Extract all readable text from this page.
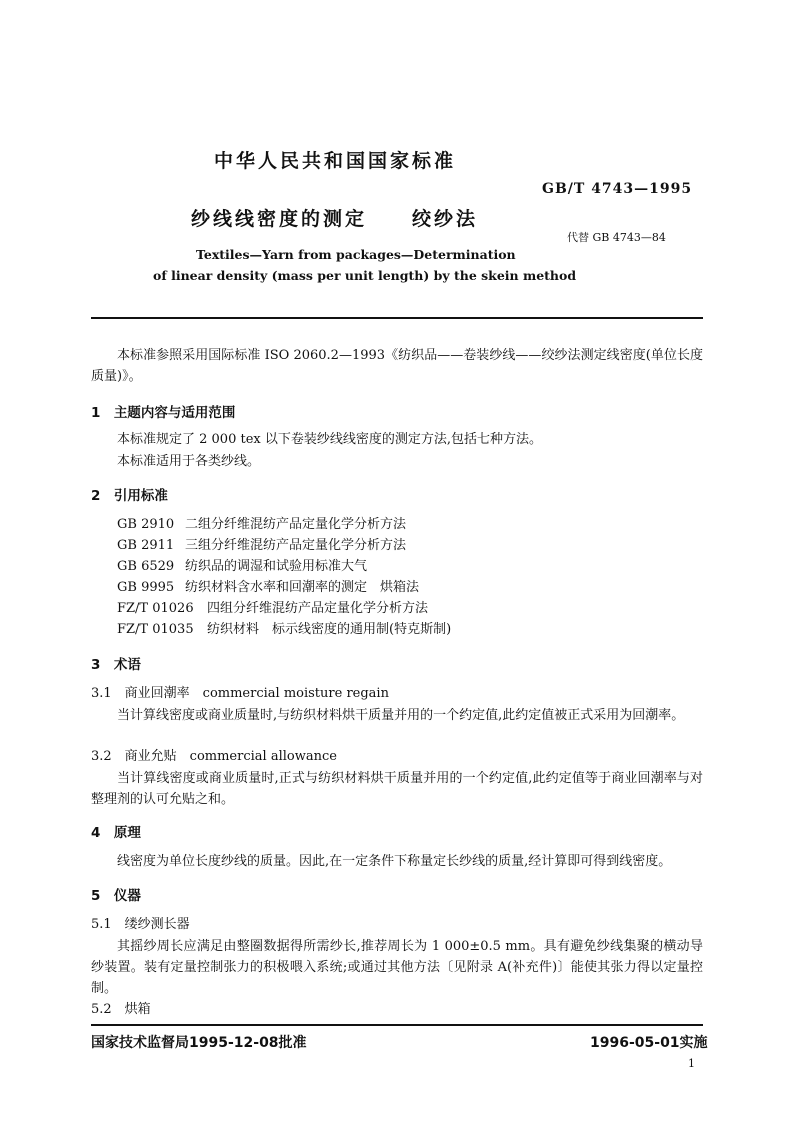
中华人民共和国国家标准
GB/T 4743—1995
纱线线密度的测定 绞纱法
代替 GB 4743—84
Textiles—Yarn from packages—Determination
of linear density (mass per unit length) by the skein method
本标准参照采用国际标准 ISO 2060.2—1993《纺织品——卷装纱线——绞纱法测定线密度(单位长度质量)》。
1　主题内容与适用范围
本标准规定了 2 000 tex 以下卷装纱线线密度的测定方法,包括七种方法。
本标准适用于各类纱线。
2　引用标准
GB 2910 二组分纤维混纺产品定量化学分析方法
GB 2911 三组分纤维混纺产品定量化学分析方法
GB 6529 纺织品的调湿和试验用标准大气
GB 9995 纺织材料含水率和回潮率的测定　烘箱法
FZ/T 01026 四组分纤维混纺产品定量化学分析方法
FZ/T 01035 纺织材料　标示线密度的通用制(特克斯制)
3　术语
3.1　商业回潮率　commercial moisture regain
当计算线密度或商业质量时,与纺织材料烘干质量并用的一个约定值,此约定值被正式采用为回潮率。
3.2　商业允贴　commercial allowance
当计算线密度或商业质量时,正式与纺织材料烘干质量并用的一个约定值,此约定值等于商业回潮率与对整理剂的认可允贴之和。
4　原理
线密度为单位长度纱线的质量。因此,在一定条件下称量定长纱线的质量,经计算即可得到线密度。
5　仪器
5.1　缕纱测长器
其摇纱周长应满足由整圈数据得所需纱长,推荐周长为 1 000±0.5 mm。具有避免纱线集聚的横动导纱装置。装有定量控制张力的积极喂入系统;或通过其他方法〔见附录 A(补充件)〕能使其张力得以定量控制。
5.2　烘箱
国家技术监督局1995-12-08批准	1996-05-01实施
1
